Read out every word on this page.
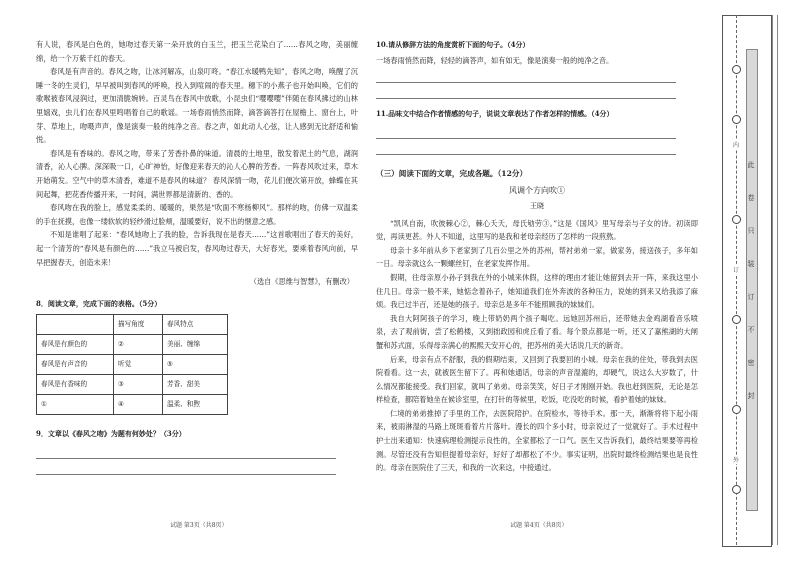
有人说，春风是白色的，她吻过春天第一朵开放的白玉兰，把玉兰花染白了……春风之吻，美丽缠绵，给一个万紫千红的春天。

春风是有声音的。春风之吻，让冰河解冻，山泉叮咚。“春江水暖鸭先知”，春风之吻，唤醒了沉睡一冬的生灵们，早早被叫到春风的呼唤，投入到喧闹的春天里。穗下的小燕子也开始叫唤，它们的歌喉被春风浸润过，更加清脆婉转。百灵鸟在春风中放歌，小昆虫们“嘤嘤嘤”伴随在春风拂过的山林里嬉戏，虫儿们在春风里鸣唱着自己的歌谣。一场春雨悄然而降，滴答滴答打在屋檐上、窗台上，叶芽、草地上，吻嗫声声，像是演奏一般的纯净之音。春之声，如此动人心弦，让人感到无比舒适和愉悦。

春风是有香味的。春风之吻，带来了芳香扑鼻的味道。清晨的土地里，散发着泥土的气息，湖润清香，沁人心脾。深深吸一口，心旷神怡，好像迎来春天的沁人心脾的芳香。一阵春风吹过来，草木开始萌发。空气中的草木清香，难道不是春风的味道？ 春风深情一吻，花儿们便次第开放，蜂蝶在其间起舞，把花香传播开来，一时间，满世界都是清新的、香的。

春风吻在我的脸上，感觉柔柔的、暖暖的，果然是“吹面不寒杨柳风”。那样的吻，仿佛一双温柔的手在抚摸，也像一缕软软的轻纱滑过脸颊，温暖要好，说不出的惬意之感。

不知是谁唱了起来：“春风她吻上了我的脸，告诉我现在是春天……”这首歌唱出了春天的美好，起一个清芳的“春风是有颜色的……”我立马被启发，春风吻过春天，大好春光，要乘着春风向前，早早把握春天，创造未来！

（选自《思维与智慧》，有删改）
8．阅读文章，完成下面的表格。（5分）
	描写角度	春风特点
春风是有颜色的	②	美丽、缠绵
春风是有声音的	听觉	⑤
春风是有香味的	③	芳香、甜美
①	④	温柔、和煦
9．文章以《春风之吻》为题有何妙处？（3分）
试题 第3页（共8页）
10.请从修辞方法的角度赏析下面的句子。（4分）

一场春雨悄然而降，轻轻的滴答声，如有如无，像是演奏一般的纯净之音。

11.品味文中结合作者情感的句子，说说文章表达了作者怎样的情感。（4分）
（三）阅读下面的文章，完成各题。（12分）
风调个方向吹①
王晓

“凯风自南，吹彼棘心②，棘心夭夭，母氏劬劳③。”这是《国风》里写母亲与子女的诗。初读即觉，再读更甚。外人不知道，这里写的是我和老母亲经历了怎样的一段煎熬。

母亲十多年前从乡下老家到了几百公里之外的苏州，帮衬弟弟一家，做家务，接送孩子，多年如一日。母亲就这么一颗螺丝钉，在老家发挥作用。

假期，往母亲原小孙子到我在外的小城来休假，这样的理由才能让她留到去开一阵，来我这里小住几日。母亲一般不来，她惦念着孙子，她知道我们在外奔波的各种压力，说她的到来又给我添了麻烦。我已过半百，还是她的孩子。母亲总是多年不能照顾我的妹妹们。

我自大阿阿孩子的学习，晚上带奶奶两个孩子喝吃。远她回苏州后，还带她去金鸡湖看音乐喷泉，去了观前街，尝了松鹤楼，又到拙政园和虎丘看了看。每个景点都是一听，还又了嘉熊湖的大闸蟹和苏式面，乐得母亲满心的熙熙天安开心的，把苏州的美大话说几天的新奇。

后来，母亲有点不舒服，我的假期结束，又回到了我要回的小城。母亲在我的住处，带我到去医院看看。这一去，就被医生留下了。再和她通话，母亲的声音湿漉的，却硬气，说这么大岁数了，什么情况都能接受。我们回家，就叫了弟弟。母亲笑笑，好日子才刚刚开始。我也赶到医院，无论是怎样检查，都陪着她坐在候诊室里，在打针的等候里，吃饭，吃没吃的时候，看护着她的妹妹。

仁境的弟弟推掉了手里的工作，去医院陪护。在院检水，等待手术。那一天，渐渐将将下起小雨来，被雨淋湿的马路上斑斑看着片片落叶。漫长的四个多小时，母亲说过了一觉就好了。手术过程中护士出来通知：快速病理检测提示良性的，全家都松了一口气。医生又告诉我们，最终结果要等再检测。尽管还没有告知但提着母亲好，好好了却都松了不少。事实证明，出院时最终检测结果也是良性的。母亲在医院住了三天，和我的一次来这，中接通过。

试题 第4页（共8页）
内
订
外
此
卷
只
装
订
不
密
封
